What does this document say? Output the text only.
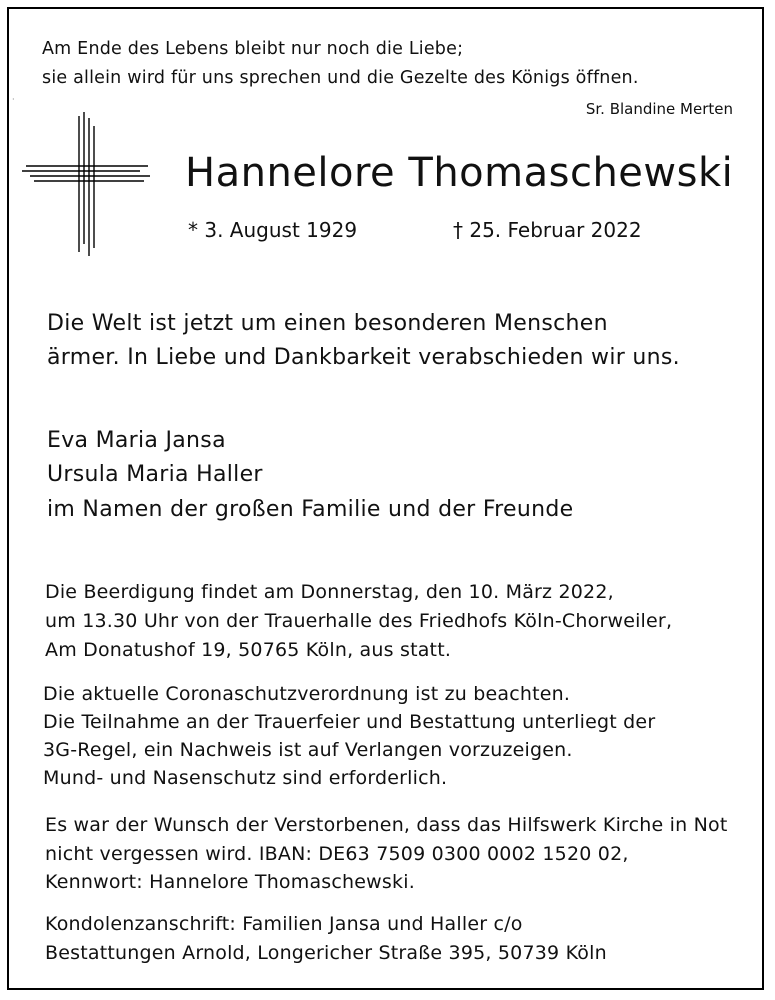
·
Am Ende des Lebens bleibt nur noch die Liebe;
sie allein wird für uns sprechen und die Gezelte des Königs öffnen.
Sr. Blandine Merten
Hannelore Thomaschewski
* 3. August 1929	† 25. Februar 2022
Die Welt ist jetzt um einen besonderen Menschen
ärmer. In Liebe und Dankbarkeit verabschieden wir uns.
Eva Maria Jansa
Ursula Maria Haller
im Namen der großen Familie und der Freunde
Die Beerdigung findet am Donnerstag, den 10. März 2022,
um 13.30 Uhr von der Trauerhalle des Friedhofs Köln-Chorweiler,
Am Donatushof 19, 50765 Köln, aus statt.
Die aktuelle Coronaschutzverordnung ist zu beachten.
Die Teilnahme an der Trauerfeier und Bestattung unterliegt der
3G-Regel, ein Nachweis ist auf Verlangen vorzuzeigen.
Mund- und Nasenschutz sind erforderlich.
Es war der Wunsch der Verstorbenen, dass das Hilfswerk Kirche in Not
nicht vergessen wird. IBAN: DE63 7509 0300 0002 1520 02,
Kennwort: Hannelore Thomaschewski.
Kondolenzanschrift: Familien Jansa und Haller c/o
Bestattungen Arnold, Longericher Straße 395, 50739 Köln
